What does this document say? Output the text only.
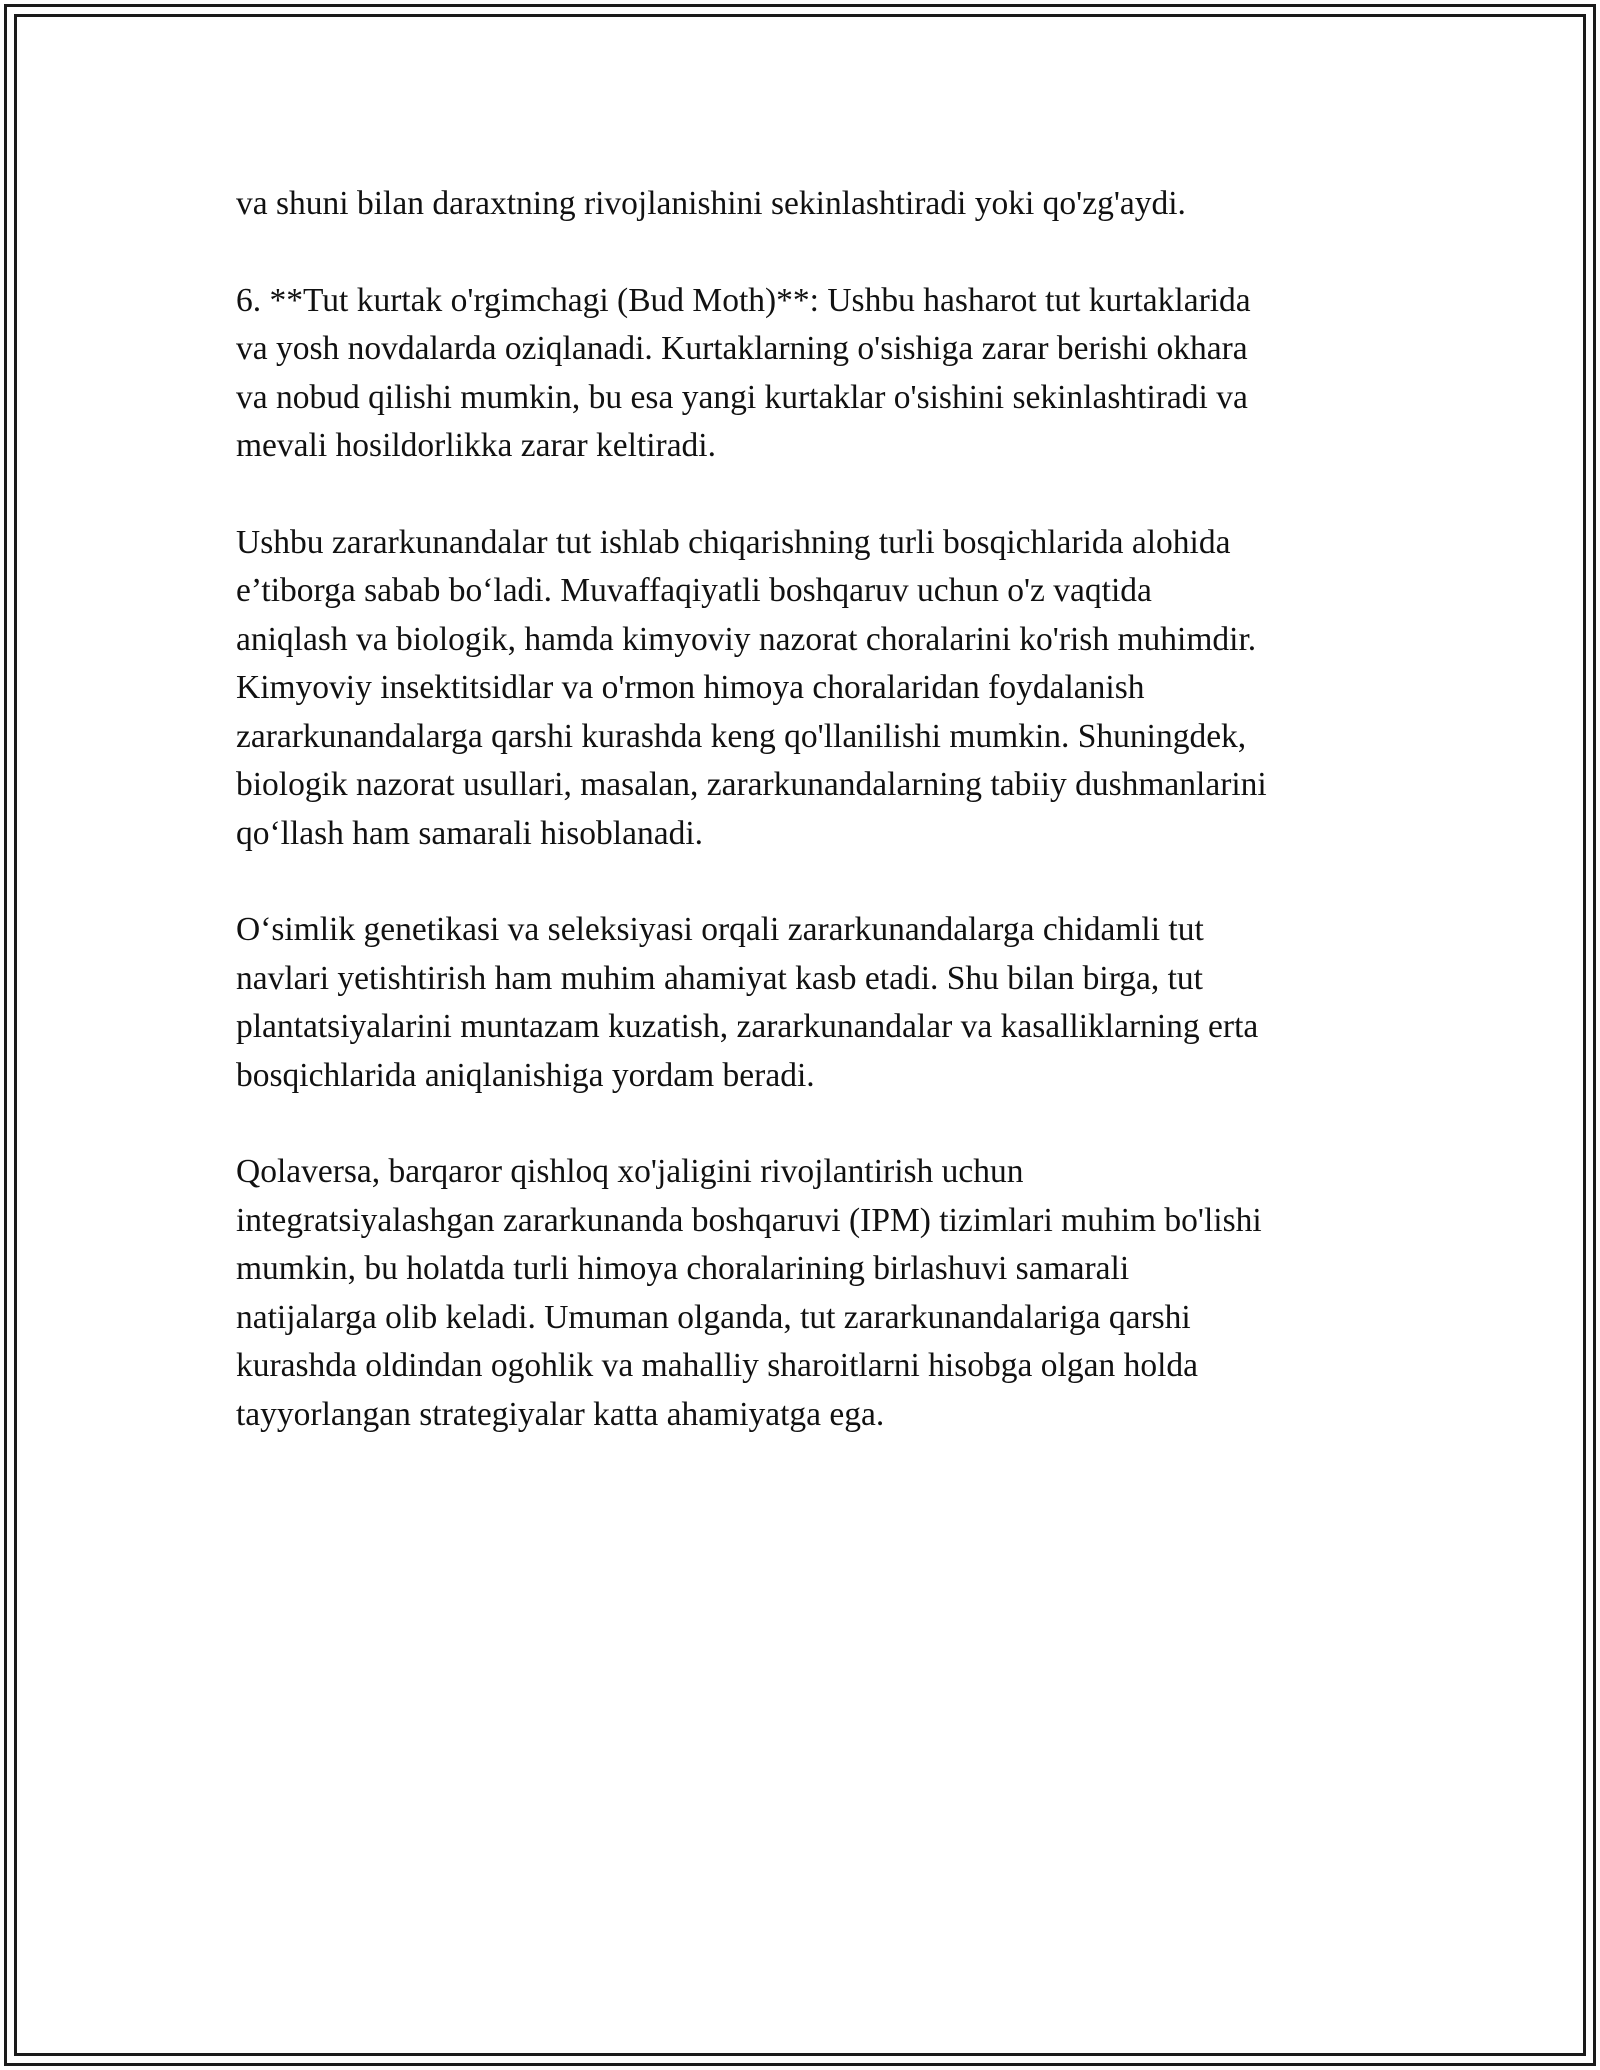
va shuni bilan daraxtning rivojlanishini sekinlashtiradi yoki qo'zg'aydi.

6. **Tut kurtak o'rgimchagi (Bud Moth)**: Ushbu hasharot tut kurtaklarida
va yosh novdalarda oziqlanadi. Kurtaklarning o'sishiga zarar berishi okhara
va nobud qilishi mumkin, bu esa yangi kurtaklar o'sishini sekinlashtiradi va
mevali hosildorlikka zarar keltiradi.

Ushbu zararkunandalar tut ishlab chiqarishning turli bosqichlarida alohida
e’tiborga sabab bo‘ladi. Muvaffaqiyatli boshqaruv uchun o'z vaqtida
aniqlash va biologik, hamda kimyoviy nazorat choralarini ko'rish muhimdir.
Kimyoviy insektitsidlar va o'rmon himoya choralaridan foydalanish
zararkunandalarga qarshi kurashda keng qo'llanilishi mumkin. Shuningdek,
biologik nazorat usullari, masalan, zararkunandalarning tabiiy dushmanlarini
qo‘llash ham samarali hisoblanadi.

O‘simlik genetikasi va seleksiyasi orqali zararkunandalarga chidamli tut
navlari yetishtirish ham muhim ahamiyat kasb etadi. Shu bilan birga, tut
plantatsiyalarini muntazam kuzatish, zararkunandalar va kasalliklarning erta
bosqichlarida aniqlanishiga yordam beradi.

Qolaversa, barqaror qishloq xo'jaligini rivojlantirish uchun
integratsiyalashgan zararkunanda boshqaruvi (IPM) tizimlari muhim bo'lishi
mumkin, bu holatda turli himoya choralarining birlashuvi samarali
natijalarga olib keladi. Umuman olganda, tut zararkunandalariga qarshi
kurashda oldindan ogohlik va mahalliy sharoitlarni hisobga olgan holda
tayyorlangan strategiyalar katta ahamiyatga ega.
